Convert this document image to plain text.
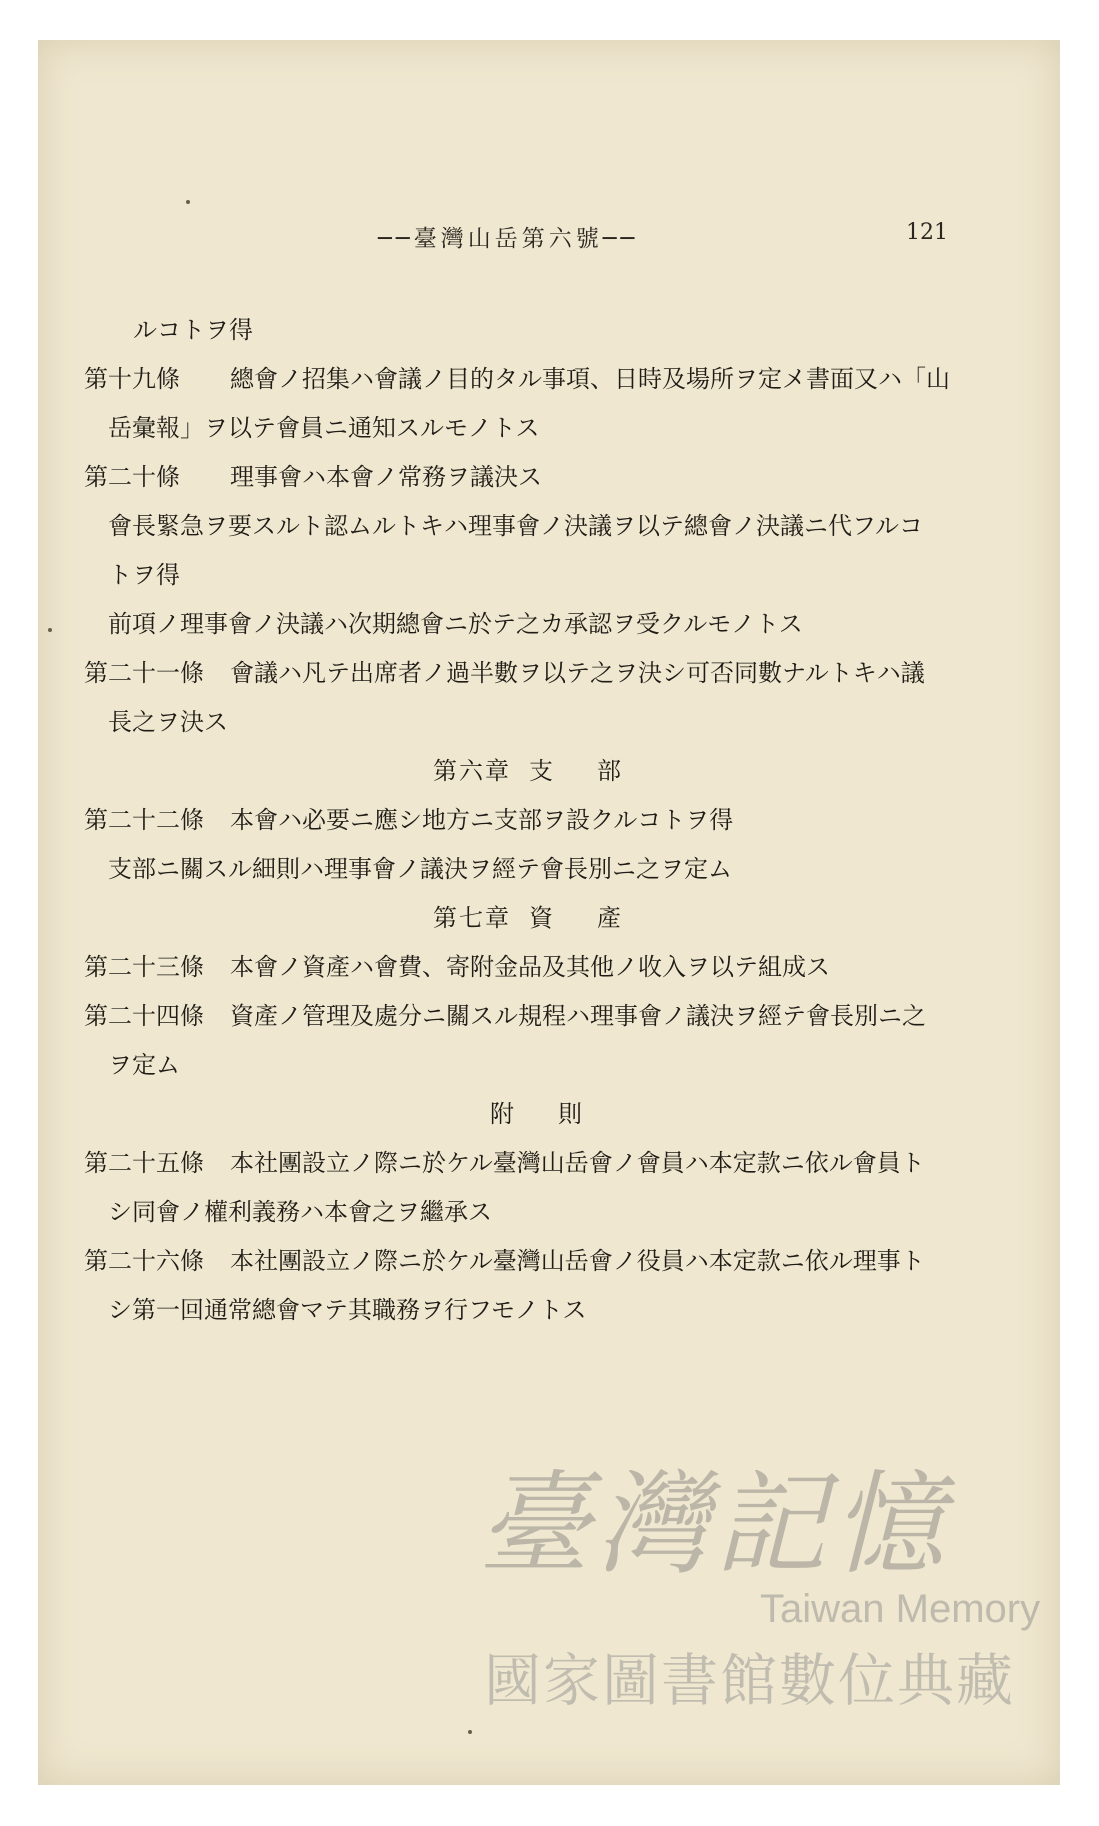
──臺灣山岳第六號──	121
ルコトヲ得
第十九條 總會ノ招集ハ會議ノ目的タル事項、日時及場所ヲ定メ書面又ハ「山
岳彙報」ヲ以テ會員ニ通知スルモノトス
第二十條 理事會ハ本會ノ常務ヲ議決ス
會長緊急ヲ要スルト認ムルトキハ理事會ノ決議ヲ以テ總會ノ決議ニ代フルコ
トヲ得
前項ノ理事會ノ決議ハ次期總會ニ於テ之カ承認ヲ受クルモノトス
第二十一條 會議ハ凡テ出席者ノ過半數ヲ以テ之ヲ決シ可否同數ナルトキハ議
長之ヲ決ス
第六章 支 部
第二十二條 本會ハ必要ニ應シ地方ニ支部ヲ設クルコトヲ得
支部ニ關スル細則ハ理事會ノ議決ヲ經テ會長別ニ之ヲ定ム
第七章 資 產
第二十三條 本會ノ資產ハ會費、寄附金品及其他ノ收入ヲ以テ組成ス
第二十四條 資產ノ管理及處分ニ關スル規程ハ理事會ノ議決ヲ經テ會長別ニ之
ヲ定ム
附 則
第二十五條 本社團設立ノ際ニ於ケル臺灣山岳會ノ會員ハ本定款ニ依ル會員ト
シ同會ノ權利義務ハ本會之ヲ繼承ス
第二十六條 本社團設立ノ際ニ於ケル臺灣山岳會ノ役員ハ本定款ニ依ル理事ト
シ第一回通常總會マテ其職務ヲ行フモノトス
臺灣記憶
Taiwan Memory
國家圖書館數位典藏
